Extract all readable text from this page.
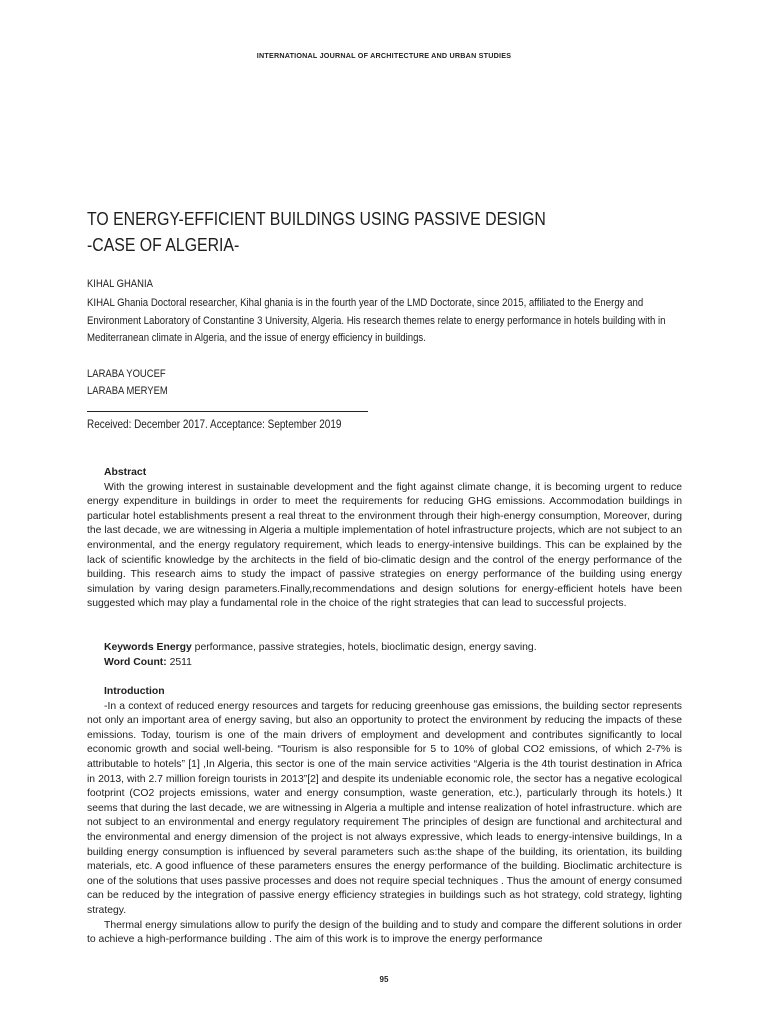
INTERNATIONAL JOURNAL OF ARCHITECTURE AND URBAN STUDIES
TO ENERGY-EFFICIENT BUILDINGS USING PASSIVE DESIGN
-CASE OF ALGERIA-
KIHAL GHANIA
KIHAL Ghania Doctoral researcher, Kihal ghania is in the fourth year of the LMD Doctorate, since 2015, affiliated to the Energy and Environment Laboratory of Constantine 3 University, Algeria. His research themes relate to energy performance in hotels building with in Mediterranean climate in Algeria, and the issue of energy efficiency in buildings.
LARABA YOUCEF
LARABA MERYEM
Received: December 2017. Acceptance: September 2019
Abstract

With the growing interest in sustainable development and the fight against climate change, it is becoming urgent to reduce energy expenditure in buildings in order to meet the requirements for reducing GHG emissions. Accommodation buildings in particular hotel establishments present a real threat to the environment through their high-energy consumption, Moreover, during the last decade, we are witnessing in Algeria a multiple implementation of hotel infrastructure projects, which are not subject to an environmental, and the energy regulatory requirement, which leads to energy-intensive buildings. This can be explained by the lack of scientific knowledge by the architects in the field of bio-climatic design and the control of the energy performance of the building. This research aims to study the impact of passive strategies on energy performance of the building using energy simulation by varing design parameters.Finally,recommendations and design solutions for energy-efficient hotels have been suggested which may play a fundamental role in the choice of the right strategies that can lead to successful projects.

Keywords Energy performance, passive strategies, hotels, bioclimatic design, energy saving.
Word Count: 2511
Introduction

-In a context of reduced energy resources and targets for reducing greenhouse gas emissions, the building sector represents not only an important area of energy saving, but also an opportunity to protect the environment by reducing the impacts of these emissions. Today, tourism is one of the main drivers of employment and development and contributes significantly to local economic growth and social well-being. “Tourism is also responsible for 5 to 10% of global CO2 emissions, of which 2-7% is attributable to hotels” [1] ,In Algeria, this sector is one of the main service activities “Algeria is the 4th tourist destination in Africa in 2013, with 2.7 million foreign tourists in 2013”[2] and despite its undeniable economic role, the sector has a negative ecological footprint (CO2 projects emissions, water and energy consumption, waste generation, etc.), particularly through its hotels.) It seems that during the last decade, we are witnessing in Algeria a multiple and intense realization of hotel infrastructure. which are not subject to an environmental and energy regulatory requirement The principles of design are functional and architectural and the environmental and energy dimension of the project is not always expressive, which leads to energy-intensive buildings, In a building energy consumption is influenced by several parameters such as:the shape of the building, its orientation, its building materials, etc. A good influence of these parameters ensures the energy performance of the building. Bioclimatic architecture is one of the solutions that uses passive processes and does not require special techniques . Thus the amount of energy consumed can be reduced by the integration of passive energy efficiency strategies in buildings such as hot strategy, cold strategy, lighting strategy.

Thermal energy simulations allow to purify the design of the building and to study and compare the different solutions in order to achieve a high-performance building . The aim of this work is to improve the energy performance

95
